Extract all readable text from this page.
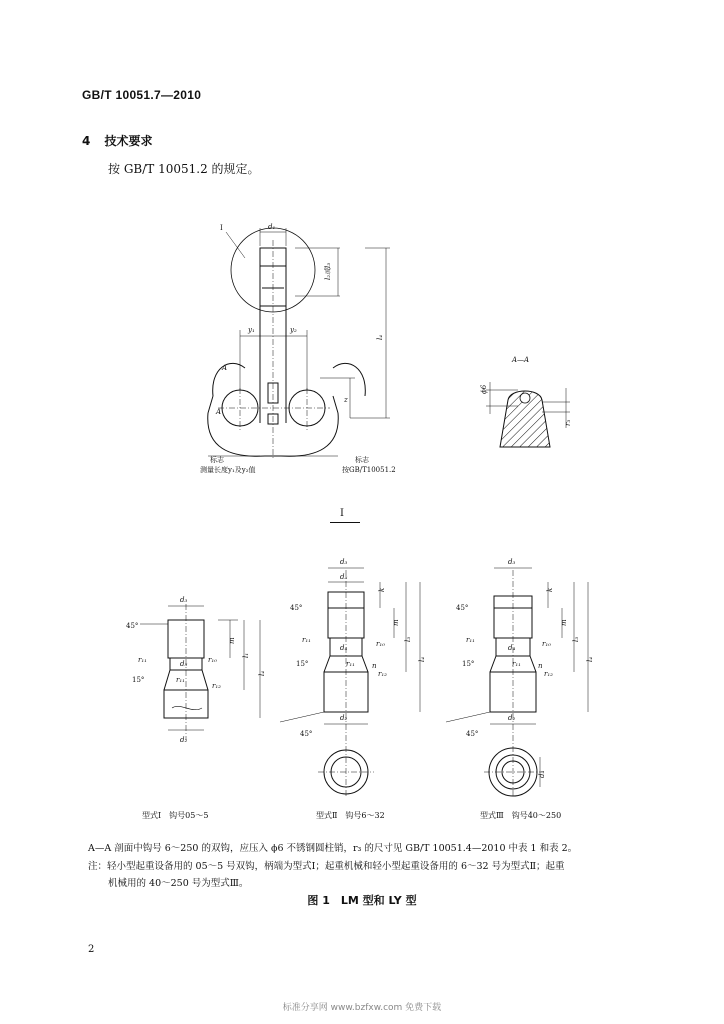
GB/T 10051.7—2010
4 技术要求
按 GB/T 10051.2 的规定。
d₁
l₂或l₃
l₄
y₁	y₂
z
A
A
I
标志
测量长度y₁及y₂值
标志
按GB/T10051.2
A—A
ϕ6
r₃
I
d₃
45°
m
l₁
l₄
r₁₁	d₅	r₁₀
15°	r₁₁
r₁₂
d₂
d₃
d₅
k
45°
m
l₃
l₄
r₁₁
d₄	r₁₀
15°	r₁₁ n
r₁₂
45°
d₂
d₃
k
45°
m
l₃
l₄
r₁₁
d₄	r₁₀
15°	r₁₁ n
r₁₂
45°
d₂
d₄
型式Ⅰ　钩号05～5	型式Ⅱ　钩号6～32	型式Ⅲ　钩号40～250
A—A 剖面中钩号 6～250 的双钩，应压入 ϕ6 不锈钢圆柱销，r₃ 的尺寸见 GB/T 10051.4—2010 中表 1 和表 2。
注：轻小型起重设备用的 05～5 号双钩，柄端为型式Ⅰ；起重机械和轻小型起重设备用的 6～32 号为型式Ⅱ；起重
机械用的 40～250 号为型式Ⅲ。
图 1　LM 型和 LY 型
2
标准分享网 www.bzfxw.com 免费下载
